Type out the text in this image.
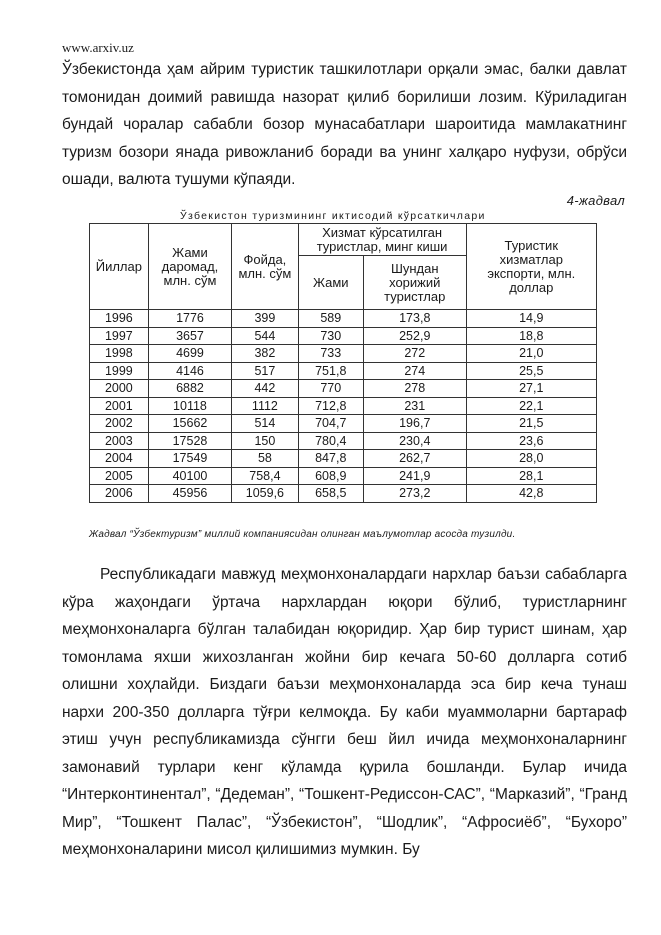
www.arxiv.uz

Ўзбекистонда ҳам айрим туристик ташкилотлари орқали эмас, балки давлат томонидан доимий равишда назорат қилиб борилиши лозим. Кўриладиган бундай чоралар сабабли бозор мунасабатлари шароитида мамлакатнинг туризм бозори янада ривожланиб боради ва унинг халқаро нуфузи, обрўси ошади, валюта тушуми кўпаяди.

4-жадвал
Ўзбекистон туризмининг иктисодий кўрсаткичлари
Йиллар	Жами даромад, млн. сўм	Фойда, млн. сўм	Хизмат кўрсатилган туристлар, минг киши		Туристик хизматлар экспорти, млн. доллар
			Жами	Шундан хорижий туристлар	
1996	1776	399	589	173,8	14,9
1997	3657	544	730	252,9	18,8
1998	4699	382	733	272	21,0
1999	4146	517	751,8	274	25,5
2000	6882	442	770	278	27,1
2001	10118	1112	712,8	231	22,1
2002	15662	514	704,7	196,7	21,5
2003	17528	150	780,4	230,4	23,6
2004	17549	58	847,8	262,7	28,0
2005	40100	758,4	608,9	241,9	28,1
2006	45956	1059,6	658,5	273,2	42,8
Жадвал “Ўзбектуризм” миллий компаниясидан олинган маълумотлар асосда тузилди.

Республикадаги мавжуд меҳмонхоналардаги нархлар баъзи сабабларга кўра жаҳондаги ўртача нархлардан юқори бўлиб, туристларнинг меҳмонхоналарга бўлган талабидан юқоридир. Ҳар бир турист шинам, ҳар томонлама яхши жихозланган жойни бир кечага 50-60 долларга сотиб олишни хоҳлайди. Биздаги баъзи меҳмонхоналарда эса бир кеча тунаш нархи 200-350 долларга тўғри келмоқда. Бу каби муаммоларни бартараф этиш учун республикамизда сўнгги беш йил ичида меҳмонхоналарнинг замонавий турлари кенг кўламда қурила бошланди. Булар ичида “Интерконтинентал”, “Дедеман”, “Тошкент-Редиссон-САС”, “Марказий”, “Гранд Мир”, “Тошкент Палас”, “Ўзбекистон”, “Шодлик”, “Афросиёб”, “Бухоро” меҳмонхоналарини мисол қилишимиз мумкин. Бу
